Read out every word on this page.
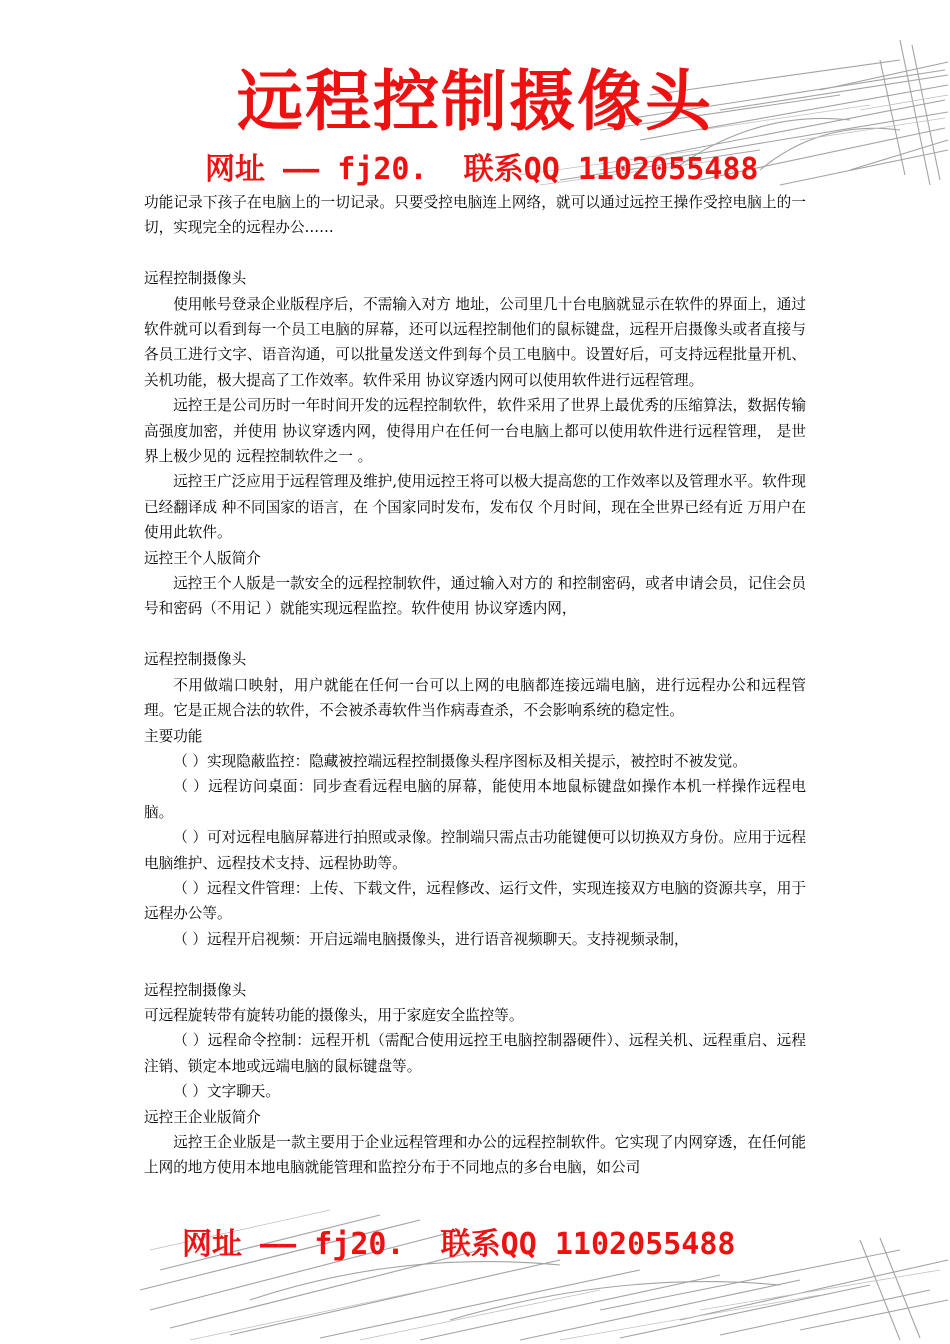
远程控制摄像头
网址 —— fj20.  联系QQ 1102055488
网址 —— fj20.  联系QQ 1102055488

功能记录下孩子在电脑上的一切记录。只要受控电脑连上网络，就可以通过远控王操作受控电脑上的一切，实现完全的远程办公……

远程控制摄像头

使用帐号登录企业版程序后，不需输入对方 地址，公司里几十台电脑就显示在软件的界面上，通过软件就可以看到每一个员工电脑的屏幕，还可以远程控制他们的鼠标键盘，远程开启摄像头或者直接与各员工进行文字、语音沟通，可以批量发送文件到每个员工电脑中。设置好后，可支持远程批量开机、关机功能，极大提高了工作效率。软件采用 协议穿透内网可以使用软件进行远程管理。

远控王是公司历时一年时间开发的远程控制软件，软件采用了世界上最优秀的压缩算法，数据传输高强度加密，并使用 协议穿透内网，使得用户在任何一台电脑上都可以使用软件进行远程管理， 是世界上极少见的 远程控制软件之一 。

远控王广泛应用于远程管理及维护,使用远控王将可以极大提高您的工作效率以及管理水平。软件现已经翻译成 种不同国家的语言，在 个国家同时发布，发布仅 个月时间，现在全世界已经有近 万用户在使用此软件。

远控王个人版简介

远控王个人版是一款安全的远程控制软件，通过输入对方的 和控制密码，或者申请会员，记住会员号和密码（不用记 ）就能实现远程监控。软件使用 协议穿透内网，

远程控制摄像头

不用做端口映射，用户就能在任何一台可以上网的电脑都连接远端电脑，进行远程办公和远程管理。它是正规合法的软件，不会被杀毒软件当作病毒查杀，不会影响系统的稳定性。

主要功能

（ ）实现隐蔽监控：隐藏被控端远程控制摄像头程序图标及相关提示，被控时不被发觉。

（ ）远程访问桌面：同步查看远程电脑的屏幕，能使用本地鼠标键盘如操作本机一样操作远程电脑。

（ ）可对远程电脑屏幕进行拍照或录像。控制端只需点击功能键便可以切换双方身份。应用于远程电脑维护、远程技术支持、远程协助等。

（ ）远程文件管理：上传、下载文件，远程修改、运行文件，实现连接双方电脑的资源共享，用于远程办公等。

（ ）远程开启视频：开启远端电脑摄像头，进行语音视频聊天。支持视频录制，

远程控制摄像头

可远程旋转带有旋转功能的摄像头，用于家庭安全监控等。

（ ）远程命令控制：远程开机（需配合使用远控王电脑控制器硬件）、远程关机、远程重启、远程注销、锁定本地或远端电脑的鼠标键盘等。

（ ）文字聊天。

远控王企业版简介

远控王企业版是一款主要用于企业远程管理和办公的远程控制软件。它实现了内网穿透，在任何能上网的地方使用本地电脑就能管理和监控分布于不同地点的多台电脑，如公司
